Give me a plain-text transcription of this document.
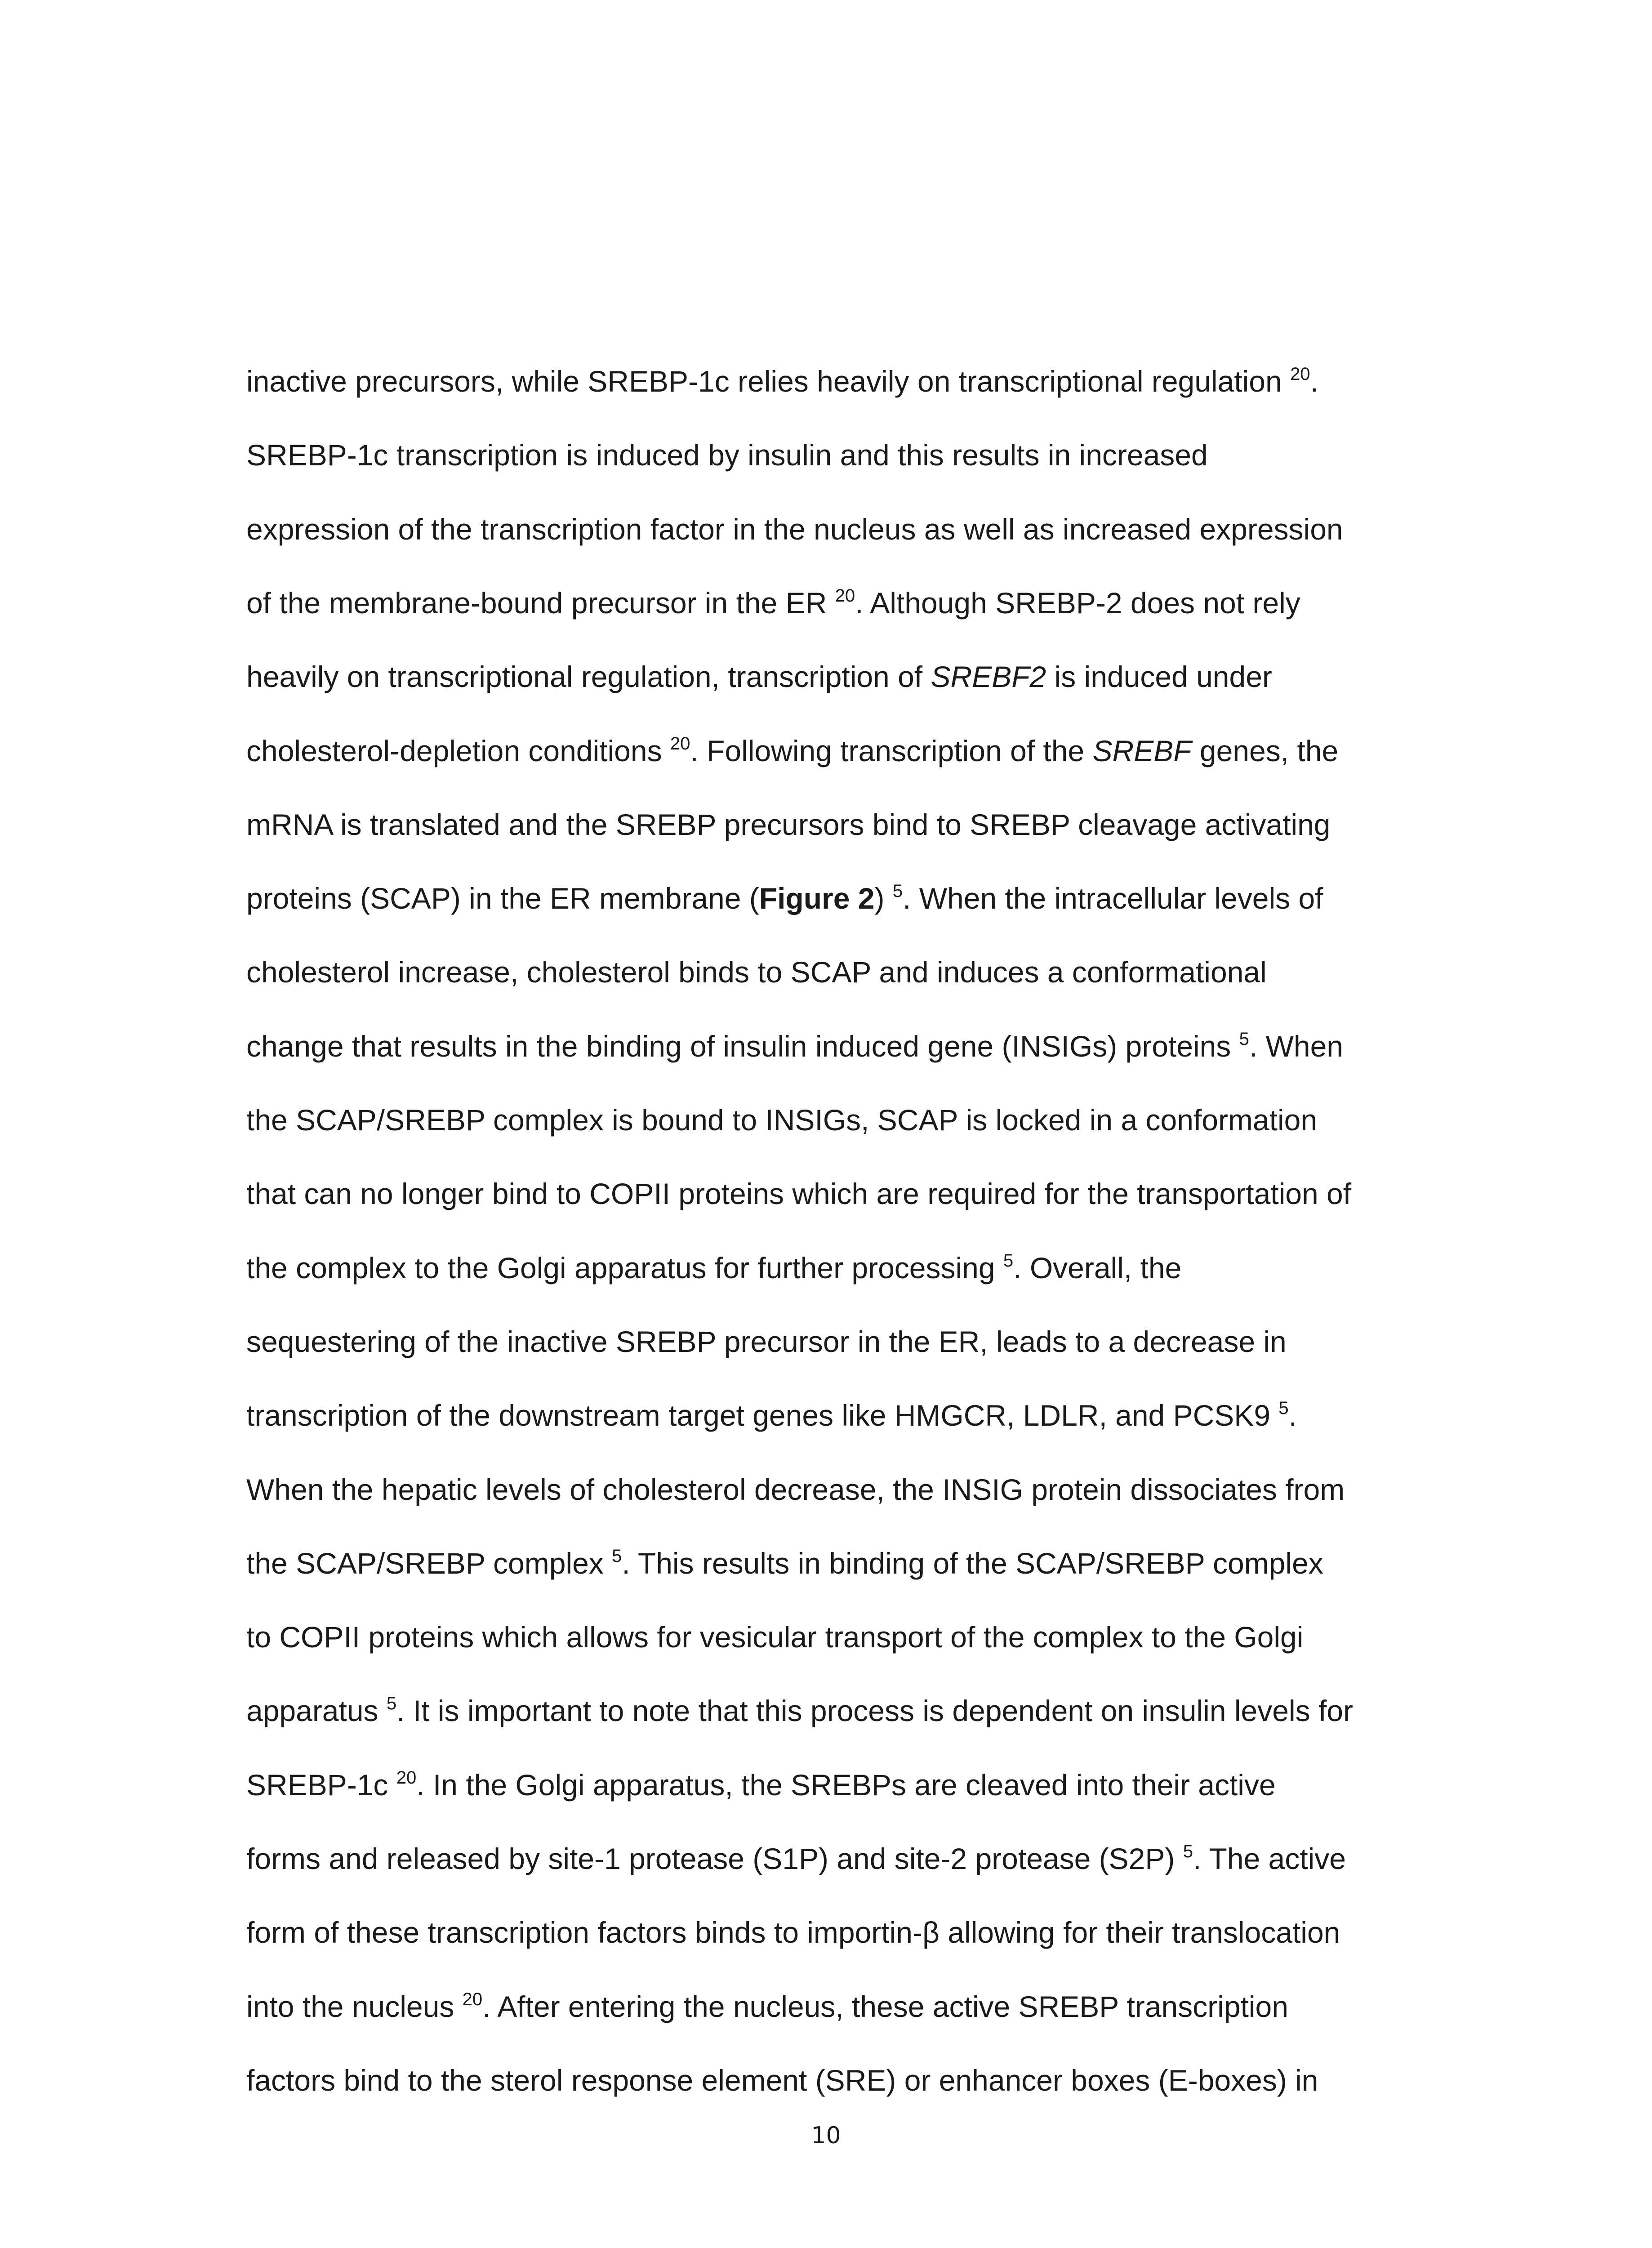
inactive precursors, while SREBP-1c relies heavily on transcriptional regulation $^{20}$.
SREBP-1c transcription is induced by insulin and this results in increased
expression of the transcription factor in the nucleus as well as increased expression
of the membrane-bound precursor in the ER $^{20}$. Although SREBP-2 does not rely
heavily on transcriptional regulation, transcription of SREBF2 is induced under
cholesterol-depletion conditions $^{20}$. Following transcription of the SREBF genes, the
mRNA is translated and the SREBP precursors bind to SREBP cleavage activating
proteins (SCAP) in the ER membrane (Figure 2) $^5$. When the intracellular levels of
cholesterol increase, cholesterol binds to SCAP and induces a conformational
change that results in the binding of insulin induced gene (INSIGs) proteins $^5$. When
the SCAP/SREBP complex is bound to INSIGs, SCAP is locked in a conformation
that can no longer bind to COPII proteins which are required for the transportation of
the complex to the Golgi apparatus for further processing $^5$. Overall, the
sequestering of the inactive SREBP precursor in the ER, leads to a decrease in
transcription of the downstream target genes like HMGCR, LDLR, and PCSK9 $^5$.
When the hepatic levels of cholesterol decrease, the INSIG protein dissociates from
the SCAP/SREBP complex $^5$. This results in binding of the SCAP/SREBP complex
to COPII proteins which allows for vesicular transport of the complex to the Golgi
apparatus $^5$. It is important to note that this process is dependent on insulin levels for
SREBP-1c $^{20}$. In the Golgi apparatus, the SREBPs are cleaved into their active
forms and released by site-1 protease (S1P) and site-2 protease (S2P) $^5$. The active
form of these transcription factors binds to importin-β allowing for their translocation
into the nucleus $^{20}$. After entering the nucleus, these active SREBP transcription
factors bind to the sterol response element (SRE) or enhancer boxes (E-boxes) in
10
